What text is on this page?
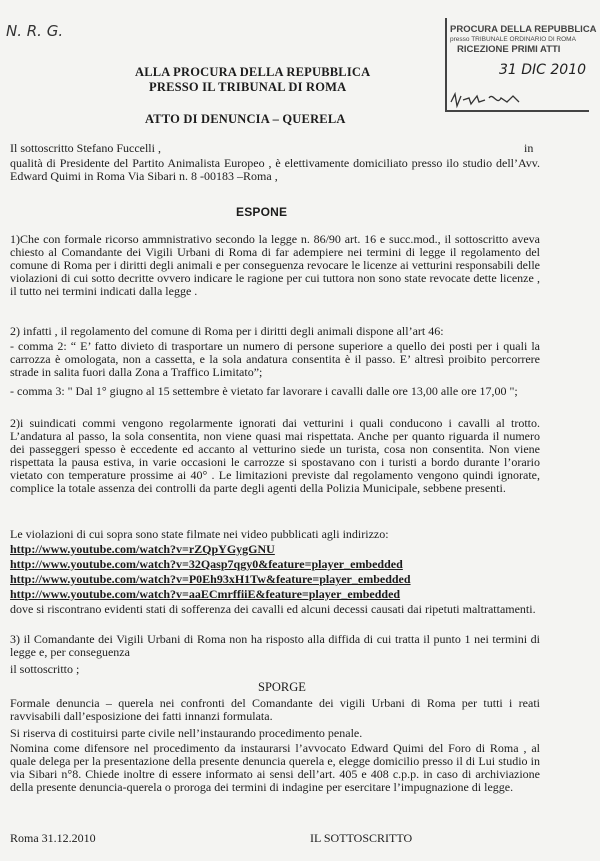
N. R. G.	PROCURA DELLA REPUBBLICA
presso TRIBUNALE ORDINARIO DI ROMA
RICEZIONE PRIMI ATTI
31 DIC 2010
ALLA PROCURA DELLA REPUBBLICA
PRESSO IL TRIBUNAL DI ROMA
ATTO DI DENUNCIA – QUERELA
Il sottoscritto Stefano Fuccelli ,	in
qualità di Presidente del Partito Animalista Europeo , è elettivamente domiciliato presso ilo studio dell’Avv. Edward Quimi in Roma Via Sibari n. 8 -00183 –Roma ,
ESPONE
1)Che con formale ricorso ammnistrativo secondo la legge n. 86/90 art. 16 e succ.mod., il sottoscritto aveva chiesto al Comandante dei Vigili Urbani di Roma di far adempiere nei termini di legge il regolamento del comune di Roma per i diritti degli animali e per conseguenza revocare le licenze ai vetturini responsabili delle violazioni di cui sotto decritte ovvero indicare le ragione per cui tuttora non sono state revocate dette licenze , il tutto nei termini indicati dalla legge .
2) infatti , il regolamento del comune di Roma per i diritti degli animali dispone all’art 46:
- comma 2: “ E’ fatto divieto di trasportare un numero di persone superiore a quello dei posti per i quali la carrozza è omologata, non a cassetta, e la sola andatura consentita è il passo. E’ altresì proibito percorrere strade in salita fuori dalla Zona a Traffico Limitato”;
- comma 3: " Dal 1° giugno al 15 settembre è vietato far lavorare i cavalli dalle ore 13,00 alle ore 17,00 ";
2)i suindicati commi vengono regolarmente ignorati dai vetturini i quali conducono i cavalli al trotto. L’andatura al passo, la sola consentita, non viene quasi mai rispettata. Anche per quanto riguarda il numero dei passeggeri spesso è eccedente ed accanto al vetturino siede un turista, cosa non consentita. Non viene rispettata la pausa estiva, in varie occasioni le carrozze si spostavano con i turisti a bordo durante l’orario vietato con temperature prossime ai 40° . Le limitazioni previste dal regolamento vengono quindi ignorate, complice la totale assenza dei controlli da parte degli agenti della Polizia Municipale, sebbene presenti.
Le violazioni di cui sopra sono state filmate nei video pubblicati agli indirizzo:
http://www.youtube.com/watch?v=rZQpYGygGNU
http://www.youtube.com/watch?v=32Qasp7qgy0&feature=player_embedded
http://www.youtube.com/watch?v=P0Eh93xH1Tw&feature=player_embedded
http://www.youtube.com/watch?v=aaECmrffiiE&feature=player_embedded
dove si riscontrano evidenti stati di sofferenza dei cavalli ed alcuni decessi causati dai ripetuti maltrattamenti.
3) il Comandante dei Vigili Urbani di Roma non ha risposto alla diffida di cui tratta il punto 1 nei termini di legge e, per conseguenza
il sottoscritto ;
SPORGE
Formale denuncia – querela nei confronti del Comandante dei vigili Urbani di Roma per tutti i reati ravvisabili dall’esposizione dei fatti innanzi formulata.
Si riserva di costituirsi parte civile nell’instaurando procedimento penale.
Nomina come difensore nel procedimento da instaurarsi l’avvocato Edward Quimi del Foro di Roma , al quale delega per la presentazione della presente denuncia querela e, elegge domicilio presso il di Lui studio in via Sibari n°8. Chiede inoltre di essere informato ai sensi dell’art. 405 e 408 c.p.p. in caso di archiviazione della presente denuncia-querela o proroga dei termini di indagine per esercitare l’impugnazione di legge.
Roma 31.12.2010	IL SOTTOSCRITTO
